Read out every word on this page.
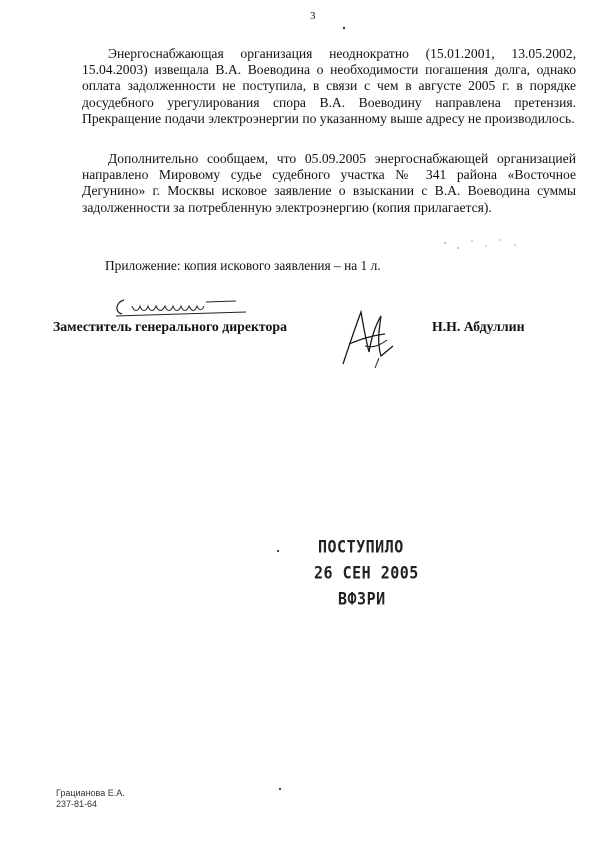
3

Энергоснабжающая организация неоднократно (15.01.2001, 13.05.2002, 15.04.2003) извещала В.А. Воеводина о необходимости погашения долга, однако оплата задолженности не поступила, в связи с чем в августе 2005 г. в порядке досудебного урегулирования спора В.А. Воеводину направлена претензия. Прекращение подачи электроэнергии по указанному выше адресу не производилось.

Дополнительно сообщаем, что 05.09.2005 энергоснабжающей организацией направлено Мировому судье судебного участка № 341 района «Восточное Дегунино» г. Москвы исковое заявление о взыскании с В.А. Воеводина суммы задолженности за потребленную электроэнергию (копия прилагается).

Приложение: копия искового заявления – на 1 л.

Заместитель генерального директора	Н.Н. Абдуллин

ПОСТУПИЛО
26 СЕН 2005
ВФЗРИ
Грацианова Е.А.
237-81-64
